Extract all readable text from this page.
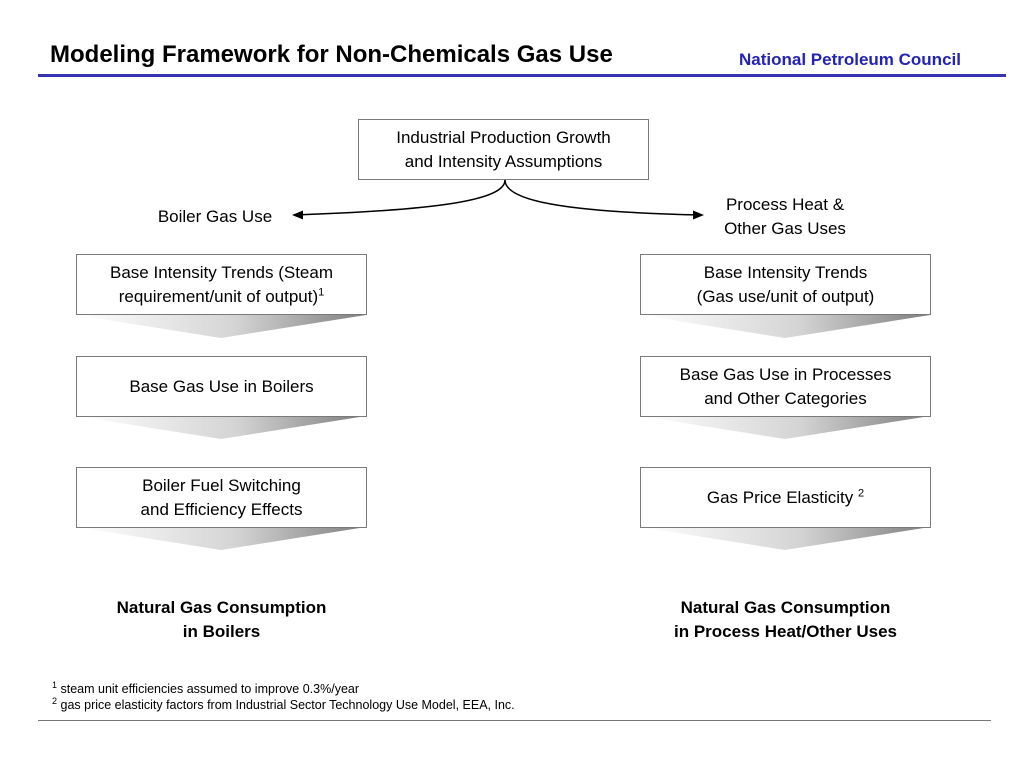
Modeling Framework for Non-Chemicals Gas Use	National Petroleum Council
Industrial Production Growth
and Intensity Assumptions
Boiler Gas Use
Process Heat &
Other Gas Uses
Base Intensity Trends (Steam
requirement/unit of output)$^1$
Base Gas Use in Boilers
Boiler Fuel Switching
and Efficiency Effects
Natural Gas Consumption
in Boilers
Base Intensity Trends
(Gas use/unit of output)
Base Gas Use in Processes
and Other Categories
Gas Price Elasticity $^2$
Natural Gas Consumption
in Process Heat/Other Uses
$^1$ steam unit efficiencies assumed to improve 0.3%/year
$^2$ gas price elasticity factors from Industrial Sector Technology Use Model, EEA, Inc.
